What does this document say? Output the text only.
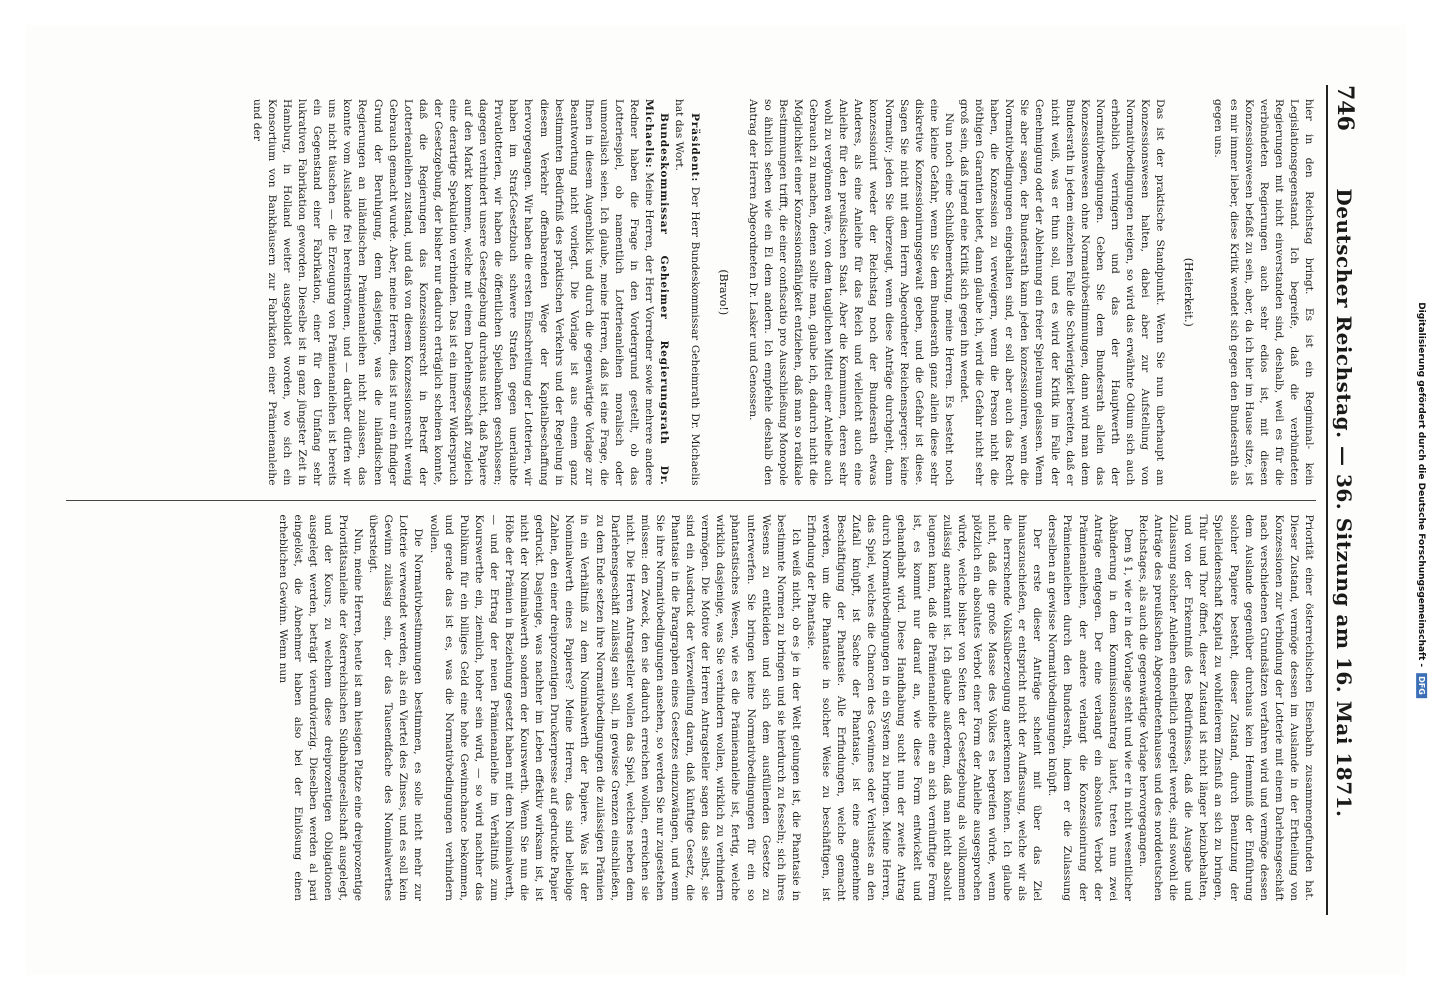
746
Deutscher Reichstag. — 36. Sitzung am 16. Mai 1871.

hier in den Reichstag bringt. Es ist ein Regiminal- kein Legislationsgegenstand. Ich begreife, daß die verbündeten Regierungen mit nicht einverstanden sind, deshalb, weil es für die verbündeten Regierungen auch sehr edios ist, mit diesen Konzessionswesen befaßt zu sein, aber, da ich hier im Hause sitze, ist es mir immer lieber, diese Kritik wendet sich gegen den Bundesrath als gegen uns.

(Heiterkeit.)

Das ist der praktische Standpunkt. Wenn Sie nun überhaupt am Konzessionswesen halten, dabei aber zur Aufstellung von Normativbedingungen neigen, so wird das erwähnte Odium sich auch erheblich verringern und das der Hauptwerth der Normativbedingungen. Geben Sie dem Bundesrath allein das Konzessionswesen ohne Normativbestimmungen, dann wird man dem Bundesrath in jedem einzelnen Falle die Schwierigkeit bereiten, daß er nicht weiß, was er thun soll, und es wird der Kritik im Falle der Genehmigung oder der Ablehnung ein freier Spielraum gelassen. Wenn Sie aber sagen, der Bundesrath kann jeden konzessioniren, wenn die Normativbedingungen eingehalten sind, er soll aber auch das Recht haben, die Konzession zu verweigern, wenn die Person nicht die nöthigen Garantien bietet, dann glaube ich, wird die Gefahr nicht sehr groß sein, daß irgend eine Kritik sich gegen ihn wendet.

Nun noch eine Schlußbemerkung, meine Herren. Es besteht noch eine kleine Gefahr, wenn Sie dem Bundesrath ganz allein diese sehr diskretive Konzessionirungsgewalt geben, und die Gefahr ist diese. Sagen Sie nicht mit dem Herrn Abgeordneter Reichensperger: keine Normativ; jeden Sie überzeugt, wenn diese Anträge durchgeht, dann konzessionirt weder der Reichstag noch der Bundesrath etwas Anderes, als eine Anleihe für das Reich und vielleicht auch eine Anleihe für den preußischen Staat. Aber die Kommunen, deren sehr wohl zu vergönnen wäre, von dem tauglichen Mittel einer Anleihe auch Gebrauch zu machen, denen sollte man, glaube ich, dadurch nicht die Möglichkeit einer Konzessionsfähigkeit entziehen, daß man so radikale Bestimmungen trifft, die einer confiscatio pro Ausschließung Monopole so ähnlich sehen wie ein Ei dem andern. Ich empfehle deshalb den Antrag der Herren Abgeordneten Dr. Lasker und Genossen.

(Bravo!)

Präsident: Der Herr Bundeskommissar Geheimrath Dr. Michaelis hat das Wort.

Bundeskommissar Geheimer Regierungsrath Dr. Michaelis: Meine Herren, der Herr Vorredner sowie mehrere andere Redner haben die Frage in den Vordergrund gestellt, ob das Lotteriespiel, ob namentlich Lotterieanleihen moralisch oder unmoralisch seien. Ich glaube, meine Herren, daß ist eine Frage, die Ihnen in diesem Augenblick und durch die gegenwärtige Vorlage zur Beantwortung nicht vorliegt. Die Vorlage ist aus einem ganz bestimmten Bedürfniß des praktischen Verkehrs und der Regelung in diesem Verkehr offenbarenden Wege der Kapitalbeschaffung hervorgegangen. Wir haben die ersten Einschreitung der Lotterien, wir haben im Straf-Gesetzbuch schwere Strafen gegen unerlaubte Privatlotterien, wir haben die öffentlichen Spielbanken geschlossen; dagegen verhindert unsere Gesetzgebung durchaus nicht, daß Papiere auf den Markt kommen, welche mit einem Darlehnsgeschäft zugleich eine derartige Spekulation verbinden. Das ist ein innerer Widerspruch der Gesetzgebung, der bisher nur dadurch erträglich scheinen konnte, daß die Regierungen das Konzessionsrecht in Betreff der Lotterieanleihen zustand, und daß von diesem Konzessionsrecht wenig Gebrauch gemacht wurde. Aber, meine Herren, dies ist nur ein findiger Grund der Beruhigung, denn dasjenige, was die inländischen Regierungen an inländischen Prämienanleihen nicht zulassen, das konnte vom Auslande frei hereinströmen, und — darüber dürfen wir uns nicht täuschen — die Erzeugung von Prämienanleihen ist bereits ein Gegenstand einer Fabrikation, einer für den Umfang sehr lukrativen Fabrikation geworden. Dieselbe ist in ganz jüngster Zeit in Hamburg, in Holland weiter ausgebildet worden, wo sich ein Konsortium von Bankhäusern zur Fabrikation einer Prämienanleihe und der

Priorität einer österreichischen Eisenbahn zusammengefunden hat. Dieser Zustand, vermöge dessen im Auslande in der Ertheilung von Konzessionen zur Verbindung der Lotterie mit einem Darlehnsgeschäft nach verschiedenen Grundsätzen verfahren wird und vermöge dessen dem Auslande gegenüber durchaus kein Hemmniß der Einführung solcher Papiere besteht, dieser Zustand, durch Benutzung der Spielleidenschaft Kapital zu wohlfeilerem Zinsfuß an sich zu bringen, Thür und Thor öffnet, dieser Zustand ist nicht länger beizubehalten, und von der Erkenntniß des Bedürfnisses, daß die Ausgabe und Zulassung solcher Anleihen einheitlich geregelt werde, sind sowohl die Anträge des preußischen Abgeordnetenhauses und des norddeutschen Reichstages, als auch die gegenwärtige Vorlage hervorgegangen.

Dem § 1, wie er in der Vorlage steht und wie er in nicht wesentlicher Abänderung in dem Kommissionsantrag lautet, treten nun zwei Anträge entgegen. Der eine verlangt ein absolutes Verbot der Prämienanleihen, der andere verlangt die Konzessionirung der Prämienanleihen durch den Bundesrath, indem er die Zulassung derselben an gewisse Normativbedingungen knüpft.

Der erste dieser Anträge scheint mit über das Ziel hinauszuschießen, er entspricht nicht der Auffassung, welche wir als die herrschende Volksüberzeugung anerkennen können. Ich glaube nicht, daß die große Masse des Volkes es begreifen würde, wenn plötzlich ein absolutes Verbot einer Form der Anleihe ausgesprochen würde, welche bisher von Seiten der Gesetzgebung als vollkommen zulässig anerkannt ist. Ich glaube außerdem, daß man nicht absolut leugnen kann, daß die Prämienanleihe eine an sich vernünftige Form ist, es kommt nur darauf an, wie diese Form entwickelt und gehandhabt wird. Diese Handhabung sucht nun der zweite Antrag durch Normativbedingungen in ein System zu bringen. Meine Herren, das Spiel, welches die Chancen des Gewinnes oder Verlustes an den Zufall knüpft, ist Sache der Phantasie, ist eine angenehme Beschäftigung der Phantasie. Alle Erfindungen, welche gemacht werden, um die Phantasie in solcher Weise zu beschäftigen, ist Erfindung der Phantasie.

Ich weiß nicht, ob es je in der Welt gelungen ist, die Phantasie in bestimmte Normen zu bringen und sie hierdurch zu fesseln; sich ihres Wesens zu entkleiden und sich dem ausfüllenden Gesetze zu unterwerfen. Sie bringen keine Normativbedingungen für ein so phantastisches Wesen, wie es die Prämienanleihe ist, fertig, welche wirklich dasjenige, was Sie verhindern wollen, wirklich zu verhindern vermögen. Die Motive der Herren Antragsteller sagen das selbst, sie sind ein Ausdruck der Verzweiflung daran, daß künftige Gesetz, die Phantasie in die Paragraphen eines Gesetzes einzuzwängen, und wenn Sie ihre Normativbedingungen ansehen, so werden Sie nur zugestehen müssen: den Zweck, den sie dadurch erreichen wollen, erreichen sie nicht. Die Herren Antragsteller wollen das Spiel, welches neben dem Darlehensgeschäft zulässig sein soll, in gewisse Grenzen einschließen, zu dem Ende setzen ihre Normativbedingungen die zulässigen Prämien in ein Verhältniß zu dem Nominalwerth der Papiere. Was ist der Nominalwerth eines Papieres? Meine Herren, das sind beliebige Zahlen, den einer dreiprozentigen Druckerpresse auf gedruckte Papier gedruckt. Dasjenige, was nachher im Leben effektiv wirksam ist, ist nicht der Nominalwerth sondern der Kourswerth. Wenn Sie nun die Höhe der Prämien in Beziehung gesetzt haben mit dem Nominalwerth, — und der Ertrag der neuen Prämienanleihe im Verhältniß zum Kourswerthe ein, ziemlich, hoher sein wird, — so wird nachher das Publikum für ein billiges Geld eine hohe Gewinnchance bekommen, und gerade das ist es, was die Normativbedingungen verhindern wollen.

Die Normativbestimmungen bestimmen, es solle nicht mehr zur Lotterie verwendet werden, als ein Viertel des Zinses, und es soll kein Gewinn zulässig sein, der das Tausendfache des Nominalwerthes übersteigt.

Nun, meine Herren, heute ist am hiesigen Platze eine dreiprozentige Prioritätsanleihe der österreichischen Südbahngesellschaft ausgelegt, und der Kours, zu welchem diese dreiprozentigen Obligationen ausgelegt werden, beträgt vierundvierzig. Dieselben werden al pari eingelöst, die Abnehmer haben also bei der Einlösung einen erheblichen Gewinn. Wenn nun	Digitalisierung gefördert durch die Deutsche Forschungsgemeinschaft -
DFG
